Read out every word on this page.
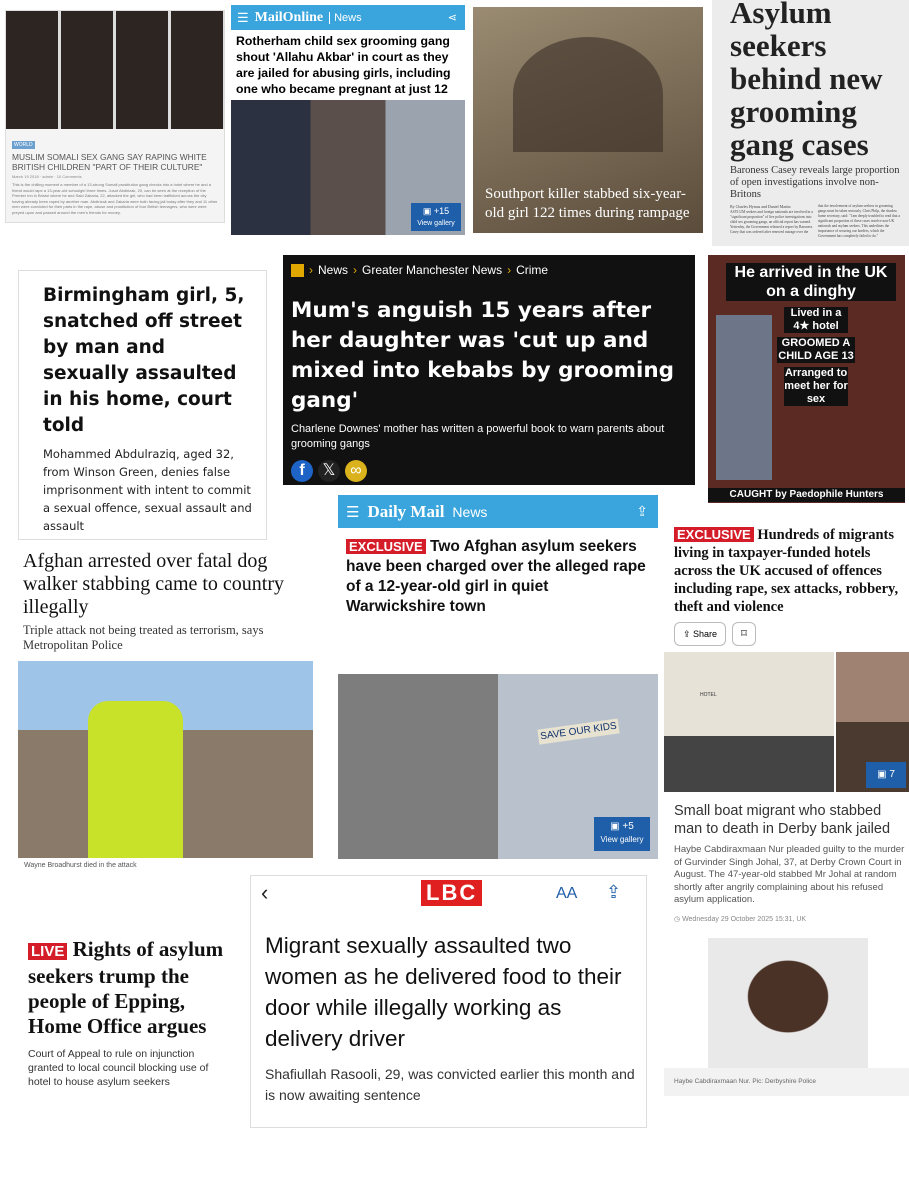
WORLD
MUSLIM SOMALI SEX GANG SAY RAPING WHITE BRITISH CHILDREN "PART OF THEIR CULTURE"
March 19 2018 · admin · 10 Comments
This is the chilling moment a member of a 13-strong Somali prostitution gang checks into a hotel where he and a friend would rape a 13-year-old schoolgirl three times. Jusuf Abdirizak, 20, can be seen at the reception of the Premier Inn in Bristol where he and Said Zakaria, 22, attacked the girl, who had been trafficked across the city having already been raped by another man. Abdirizak and Zakaria were both facing jail today after they and 11 other men were convicted for their parts in the rape, abuse and prostitution of four British teenagers, who were were preyed upon and passed around the men's friends for money.
☰ MailOnline	News	⋖
Rotherham child sex grooming gang shout 'Allahu Akbar' in court as they are jailed for abusing girls, including one who became pregnant at just 12
▣ +15
View gallery
Southport killer stabbed six-year-old girl 122 times during rampage
Asylum seekers behind new grooming gang cases
Baroness Casey reveals large proportion of open investigations involve non-Britons
By Charles Hymas and Daniel Martin
ASYLUM seekers and foreign nationals are involved in a "significant proportion" of live police investigations into child sex grooming gangs, an official report has warned. Yesterday, the Government released a report by Baroness Casey that was ordered after renewed outrage over the
that the involvement of asylum seekers in grooming gangs must be taken seriously. Chris Philp, the shadow home secretary, said: "I am deeply troubled to read that a significant proportion of these cases involve non-UK nationals and asylum seekers. This underlines the importance of securing our borders, which the Government has completely failed to do."
Birmingham girl, 5, snatched off street by man and sexually assaulted in his home, court told
Mohammed Abdulraziq, aged 32, from Winson Green, denies false imprisonment with intent to commit a sexual offence, sexual assault and assault
› News › Greater Manchester News › Crime
Mum's anguish 15 years after her daughter was 'cut up and mixed into kebabs by grooming gang'
Charlene Downes' mother has written a powerful book to warn parents about grooming gangs
f	𝕏 ∞
He arrived in the UK on a dinghy
Lived in a 4★ hotel
GROOMED A CHILD AGE 13
Arranged to meet her for sex
CAUGHT by Paedophile Hunters
Afghan arrested over fatal dog walker stabbing came to country illegally
Triple attack not being treated as terrorism, says Metropolitan Police
Wayne Broadhurst died in the attack
☰ Daily Mail News	⇪
EXCLUSIVE Two Afghan asylum seekers have been charged over the alleged rape of a 12-year-old girl in quiet Warwickshire town
SAVE OUR KIDS
▣ +5
View gallery
EXCLUSIVE Hundreds of migrants living in taxpayer-funded hotels across the UK accused of offences including rape, sex attacks, robbery, theft and violence
⇪ Share	⌑
HOTEL
▣ 7
Small boat migrant who stabbed man to death in Derby bank jailed
Haybe Cabdiraxmaan Nur pleaded guilty to the murder of Gurvinder Singh Johal, 37, at Derby Crown Court in August. The 47-year-old stabbed Mr Johal at random shortly after angrily complaining about his refused asylum application.
◷ Wednesday 29 October 2025 15:31, UK
Haybe Cabdiraxmaan Nur. Pic: Derbyshire Police
LIVE Rights of asylum seekers trump the people of Epping, Home Office argues
Court of Appeal to rule on injunction granted to local council blocking use of hotel to house asylum seekers
‹	LBC	AA ⇪
Migrant sexually assaulted two women as he delivered food to their door while illegally working as delivery driver
Shafiullah Rasooli, 29, was convicted earlier this month and is now awaiting sentence
